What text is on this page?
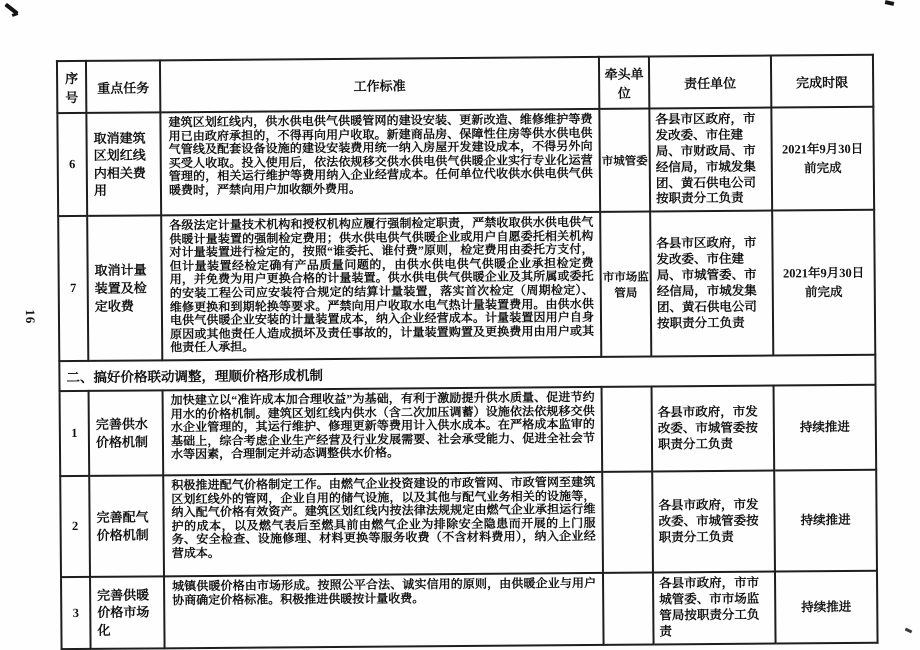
16
序号	重点任务	工作标准	牵头单位	责任单位	完成时限
6	取消建筑区划红线内相关费用	建筑区划红线内，供水供电供气供暖管网的建设安装、更新改造、维修维护等费用已由政府承担的，不得再向用户收取。新建商品房、保障性住房等供水供电供气管线及配套设备设施的建设安装费用统一纳入房屋开发建设成本，不得另外向买受人收取。投入使用后，依法依规移交供水供电供气供暖企业实行专业化运营管理的，相关运行维护等费用纳入企业经营成本。任何单位代收供水供电供气供暖费时，严禁向用户加收额外费用。	市城管委	各县市区政府，市发改委、市住建局、市财政局、市经信局，市城发集团、黄石供电公司按职责分工负责	2021年9月30日前完成
7	取消计量装置及检定收费	各级法定计量技术机构和授权机构应履行强制检定职责，严禁收取供水供电供气供暖计量装置的强制检定费用；供水供电供气供暖企业或用户自愿委托相关机构对计量装置进行检定的，按照“谁委托、谁付费”原则，检定费用由委托方支付，但计量装置经检定确有产品质量问题的，由供水供电供气供暖企业承担检定费用，并免费为用户更换合格的计量装置。供水供电供气供暖企业及其所属或委托的安装工程公司应安装符合规定的结算计量装置，落实首次检定（周期检定）、维修更换和到期轮换等要求。严禁向用户收取水电气热计量装置费用。由供水供电供气供暖企业安装的计量装置成本，纳入企业经营成本。计量装置因用户自身原因或其他责任人造成损坏及责任事故的，计量装置购置及更换费用由用户或其他责任人承担。	市市场监管局	各县市区政府，市发改委、市住建局、市城管委、市经信局，市城发集团、黄石供电公司按职责分工负责	2021年9月30日前完成
二、搞好价格联动调整，理顺价格形成机制					
1	完善供水价格机制	加快建立以“准许成本加合理收益”为基础，有利于激励提升供水质量、促进节约用水的价格机制。建筑区划红线内供水（含二次加压调蓄）设施依法依规移交供水企业管理的，其运行维护、修理更新等费用计入供水成本。在严格成本监审的基础上，综合考虑企业生产经营及行业发展需要、社会承受能力、促进全社会节水等因素，合理制定并动态调整供水价格。		各县市政府，市发改委、市城管委按职责分工负责	持续推进
2	完善配气价格机制	积极推进配气价格制定工作。由燃气企业投资建设的市政管网、市政管网至建筑区划红线外的管网，企业自用的储气设施，以及其他与配气业务相关的设施等，纳入配气价格有效资产。建筑区划红线内按法律法规规定由燃气企业承担运行维护的成本，以及燃气表后至燃具前由燃气企业为排除安全隐患而开展的上门服务、安全检查、设施修理、材料更换等服务收费（不含材料费用），纳入企业经营成本。		各县市政府，市发改委、市城管委按职责分工负责	持续推进
3	完善供暖价格市场化	城镇供暖价格由市场形成。按照公平合法、诚实信用的原则，由供暖企业与用户协商确定价格标准。积极推进供暖按计量收费。		各县市政府，市市城管委、市市场监管局按职责分工负责	持续推进
